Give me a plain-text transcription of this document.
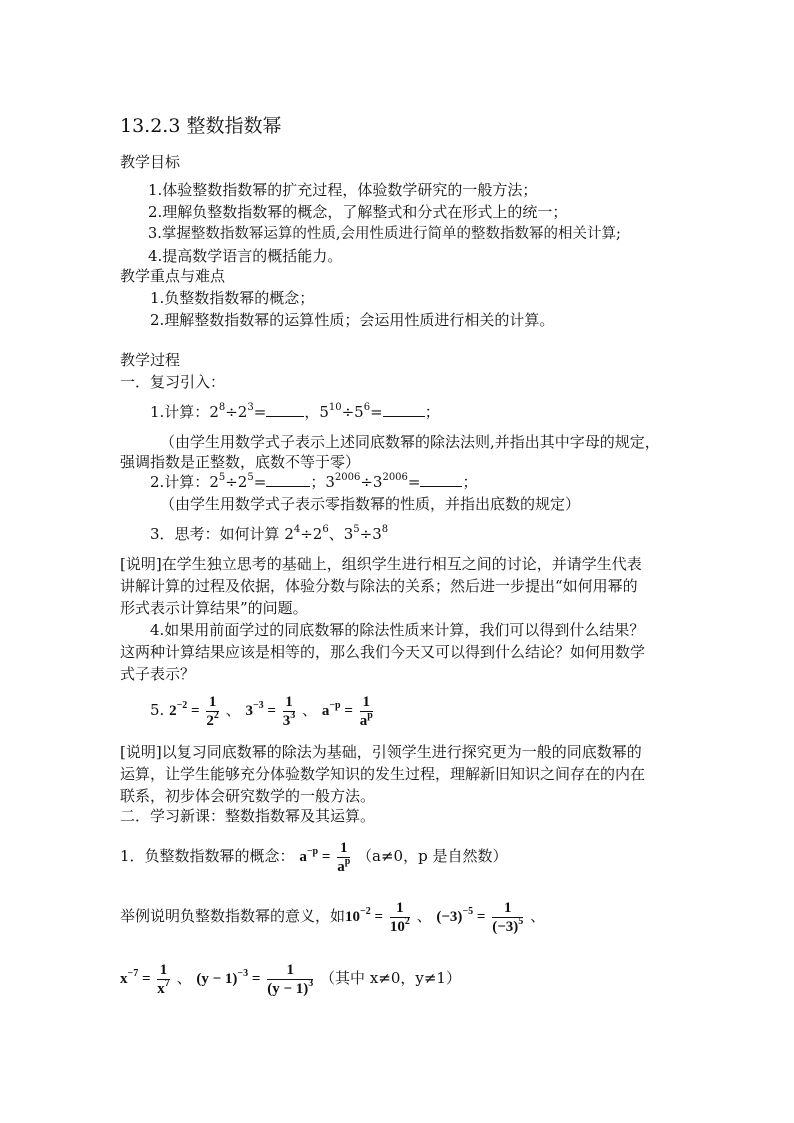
13.2.3 整数指数幂
教学目标
1.体验整数指数幂的扩充过程，体验数学研究的一般方法；
2.理解负整数指数幂的概念，了解整式和分式在形式上的统一；
3.掌握整数指数幂运算的性质,会用性质进行简单的整数指数幂的相关计算;
4.提高数学语言的概括能力。
教学重点与难点
1.负整数指数幂的概念；
2.理解整数指数幂的运算性质；会运用性质进行相关的计算。
教学过程
一．复习引入：
1.计算：$2^8\div 2^3=$	，$5^{10}\div 5^6=$	；
（由学生用数学式子表示上述同底数幂的除法法则,并指出其中字母的规定，
强调指数是正整数，底数不等于零）
2.计算：$2^5\div 2^5=$	；$3^{2006}\div 3^{2006}=$	；
（由学生用数学式子表示零指数幂的性质，并指出底数的规定）
3．思考：如何计算 $2^4\div 2^6$、$3^5\div 3^8$
[说明]在学生独立思考的基础上，组织学生进行相互之间的讨论，并请学生代表
讲解计算的过程及依据，体验分数与除法的关系；然后进一步提出“如何用幂的
形式表示计算结果”的问题。
4.如果用前面学过的同底数幂的除法性质来计算，我们可以得到什么结果？
这两种计算结果应该是相等的，那么我们今天又可以得到什么结论？如何用数学
式子表示？
5. $2^{-2} = \frac{1}{2^2}$ 、 $3^{-3} = \frac{1}{3^3}$ 、 $a^{-p} = \frac{1}{a^p}$
[说明]以复习同底数幂的除法为基础，引领学生进行探究更为一般的同底数幂的
运算，让学生能够充分体验数学知识的发生过程，理解新旧知识之间存在的内在
联系，初步体会研究数学的一般方法。
二．学习新课：整数指数幂及其运算。
1．负整数指数幂的概念： $a^{-p} = \frac{1}{a^p} (a\ne 0$，p 是自然数）
举例说明负整数指数幂的意义，如$10^{-2} = \frac{1}{10^2}$ 、 $(-3)^{-5} = \frac{1}{(-3)^5}$ 、
$x^{-7} = \frac{1}{x^7}$ 、 $(y - 1)^{-3} = \frac{1}{(y - 1)^3}$ （其中 x≠0，y≠1）
